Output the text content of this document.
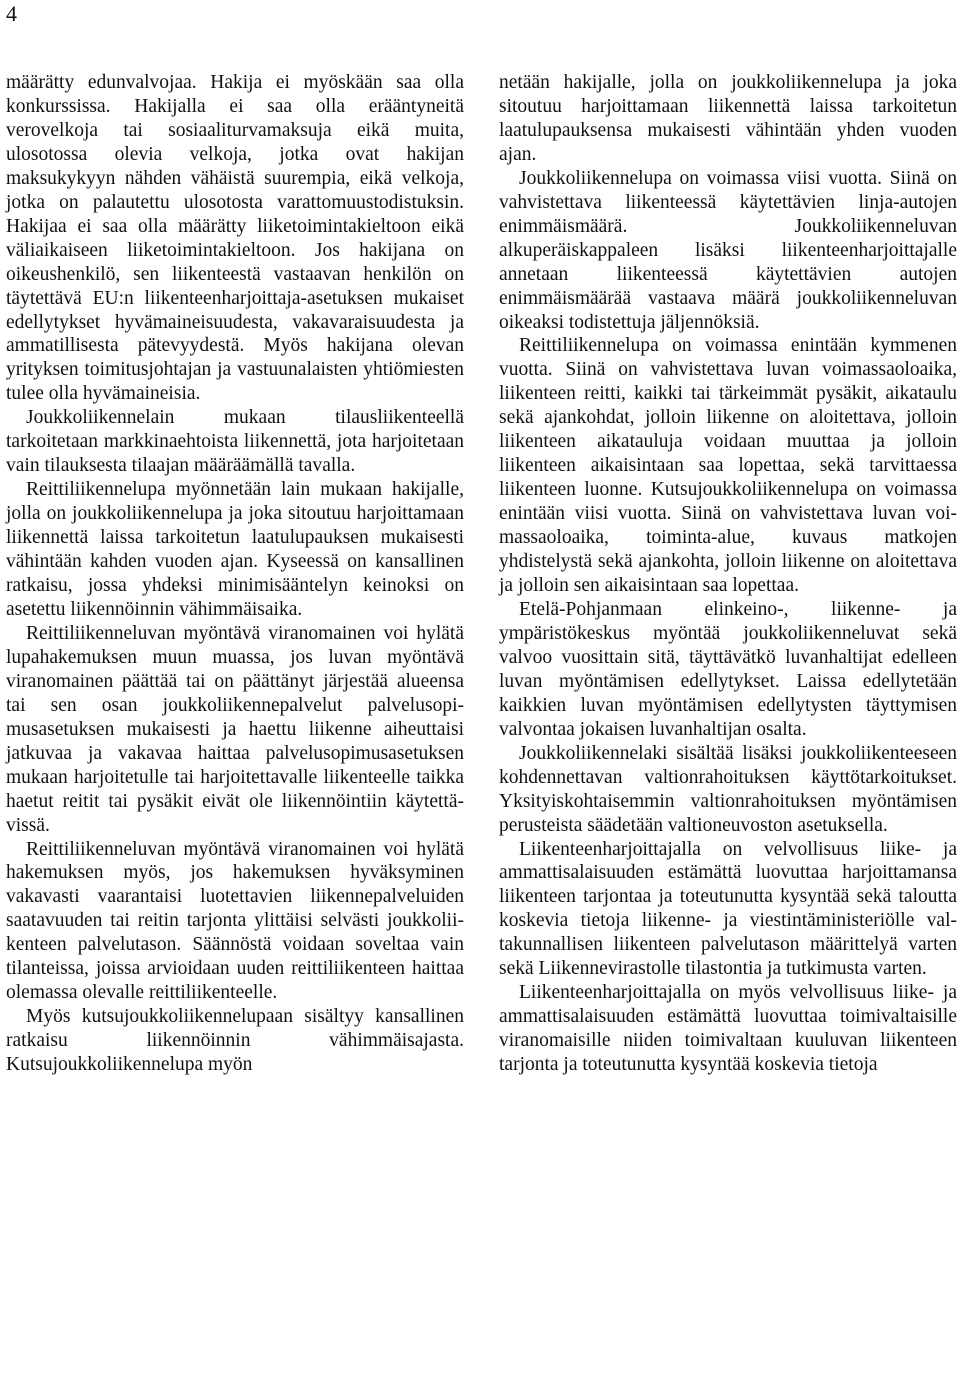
4

määrätty edunvalvojaa. Hakija ei myöskään saa olla konkurssissa. Hakijalla ei saa olla erääntyneitä verovelkoja tai sosiaaliturvamaksuja eikä muita, ulosotossa olevia velkoja, jotka ovat hakijan maksukykyyn nähden vähäistä suurempia, eikä velkoja, jotka on palautettu ulosotosta varattomuustodistuksin. Hakijaa ei saa olla määrätty liiketoimintakieltoon eikä väliaikaiseen liiketoimintakieltoon. Jos hakijana on oikeushenkilö, sen liikenteestä vastaavan henkilön on täytettävä EU:n liikenteenharjoittaja-asetuksen mukaiset edellytykset hyvämaineisuudesta, vakavaraisuudesta ja ammatillisesta pätevyydestä. Myös hakijana olevan yrityksen toimitusjohtajan ja vastuunalaisten yhtiömiesten tulee olla hyvämaineisia.

Joukkoliikennelain mukaan tilausliikenteellä tarkoitetaan markkinaehtoista liikennettä, jota harjoitetaan vain tilauksesta tilaajan määräämällä tavalla.

Reittiliikennelupa myönnetään lain mukaan hakijalle, jolla on joukkoliikennelupa ja joka sitoutuu harjoittamaan liikennettä laissa tarkoitetun laatulupauksen mukaisesti vähintään kahden vuoden ajan. Kyseessä on kansallinen ratkaisu, jossa yhdeksi minimisääntelyn keinoksi on asetettu liikennöinnin vähimmäisaika.

Reittiliikenneluvan myöntävä viranomainen voi hylätä lupahakemuksen muun muassa, jos luvan myöntävä viranomainen päättää tai on päättänyt järjestää alueensa tai sen osan joukkoliikennepalvelut palvelusopimusasetuksen mukaisesti ja haettu liikenne aiheuttaisi jatkuvaa ja vakavaa haittaa palvelusopimusasetuksen mukaan harjoitetulle tai harjoitettavalle liikenteelle taikka haetut reitit tai pysäkit eivät ole liikennöintiin käytettävissä.

Reittiliikenneluvan myöntävä viranomainen voi hylätä hakemuksen myös, jos hakemuksen hyväksyminen vakavasti vaarantaisi luotettavien liikennepalveluiden saatavuuden tai reitin tarjonta ylittäisi selvästi joukkoliikenteen palvelutason. Säännöstä voidaan soveltaa vain tilanteissa, joissa arvioidaan uuden reittiliikenteen haittaa olemassa olevalle reittiliikenteelle.

Myös kutsujoukkoliikennelupaan sisältyy kansallinen ratkaisu liikennöinnin vähimmäisajasta. Kutsujoukkoliikennelupa myön

netään hakijalle, jolla on joukkoliikennelupa ja joka sitoutuu harjoittamaan liikennettä laissa tarkoitetun laatulupauksensa mukaisesti vähintään yhden vuoden ajan.

Joukkoliikennelupa on voimassa viisi vuotta. Siinä on vahvistettava liikenteessä käytettävien linja-autojen enimmäismäärä. Joukkoliikenneluvan alkuperäiskappaleen lisäksi liikenteenharjoittajalle annetaan liikenteessä käytettävien autojen enimmäismäärää vastaava määrä joukkoliikenneluvan oikeaksi todistettuja jäljennöksiä.

Reittiliikennelupa on voimassa enintään kymmenen vuotta. Siinä on vahvistettava luvan voimassaoloaika, liikenteen reitti, kaikki tai tärkeimmät pysäkit, aikataulu sekä ajankohdat, jolloin liikenne on aloitettava, jolloin liikenteen aikatauluja voidaan muuttaa ja jolloin liikenteen aikaisintaan saa lopettaa, sekä tarvittaessa liikenteen luonne. Kutsujoukkoliikennelupa on voimassa enintään viisi vuotta. Siinä on vahvistettava luvan voimassaoloaika, toiminta-alue, kuvaus matkojen yhdistelystä sekä ajankohta, jolloin liikenne on aloitettava ja jolloin sen aikaisintaan saa lopettaa.

Etelä-Pohjanmaan elinkeino-, liikenne- ja ympäristökeskus myöntää joukkoliikenneluvat sekä valvoo vuosittain sitä, täyttävätkö luvanhaltijat edelleen luvan myöntämisen edellytykset. Laissa edellytetään kaikkien luvan myöntämisen edellytysten täyttymisen valvontaa jokaisen luvanhaltijan osalta.

Joukkoliikennelaki sisältää lisäksi joukkoliikenteeseen kohdennettavan valtionrahoituksen käyttötarkoitukset. Yksityiskohtaisemmin valtionrahoituksen myöntämisen perusteista säädetään valtioneuvoston asetuksella.

Liikenteenharjoittajalla on velvollisuus liike- ja ammattisalaisuuden estämättä luovuttaa harjoittamansa liikenteen tarjontaa ja toteutunutta kysyntää sekä taloutta koskevia tietoja liikenne- ja viestintäministeriölle valtakunnallisen liikenteen palvelutason määrittelyä varten sekä Liikennevirastolle tilastontia ja tutkimusta varten.

Liikenteenharjoittajalla on myös velvollisuus liike- ja ammattisalaisuuden estämättä luovuttaa toimivaltaisille viranomaisille niiden toimivaltaan kuuluvan liikenteen tarjonta ja toteutunutta kysyntää koskevia tietoja
